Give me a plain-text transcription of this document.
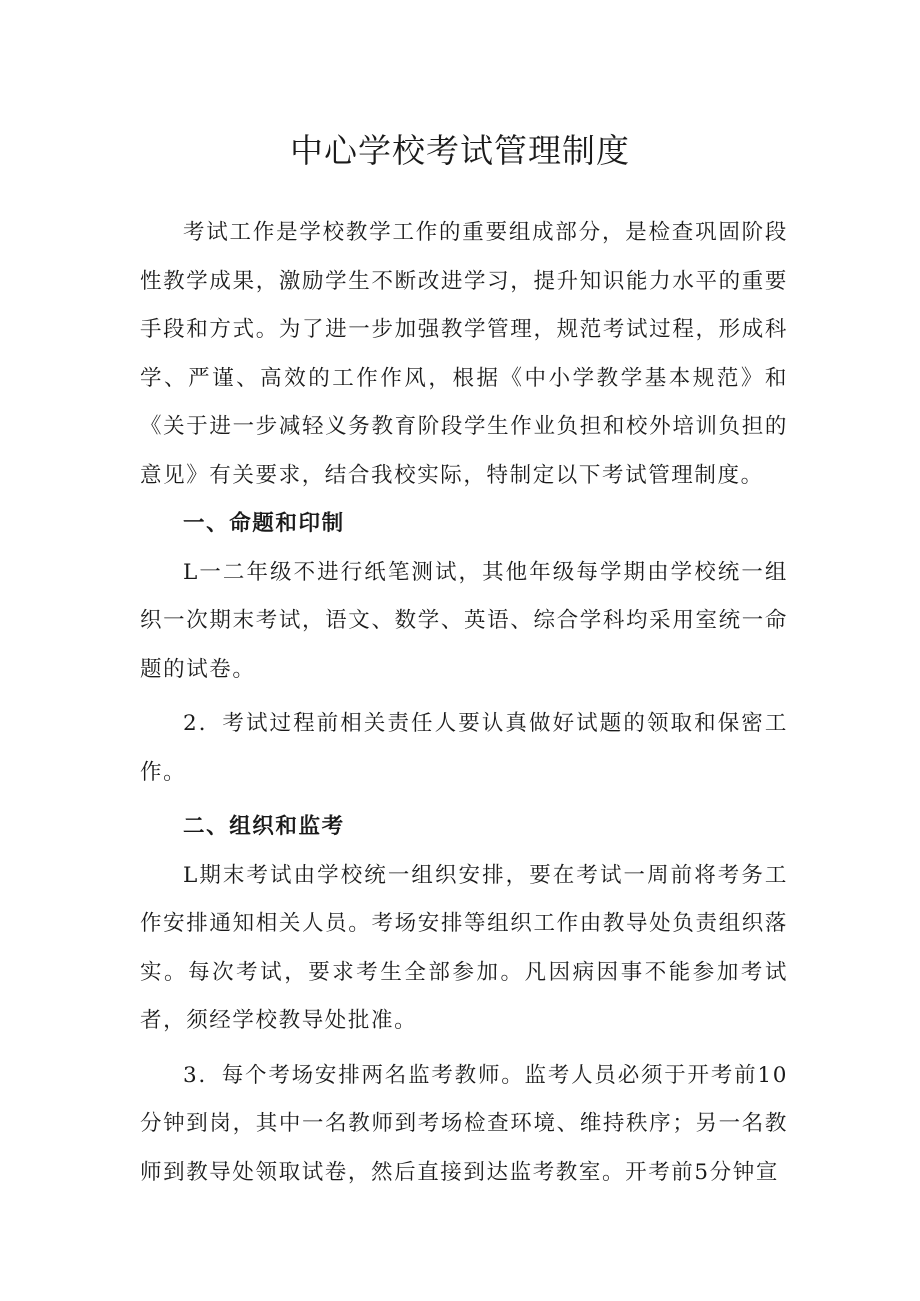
中心学校考试管理制度

考试工作是学校教学工作的重要组成部分，是检查巩固阶段性教学成果，激励学生不断改进学习，提升知识能力水平的重要手段和方式。为了进一步加强教学管理，规范考试过程，形成科学、严谨、高效的工作作风，根据《中小学教学基本规范》和《关于进一步减轻义务教育阶段学生作业负担和校外培训负担的意见》有关要求，结合我校实际，特制定以下考试管理制度。

一、命题和印制

L一二年级不进行纸笔测试，其他年级每学期由学校统一组织一次期末考试，语文、数学、英语、综合学科均采用室统一命题的试卷。

2．考试过程前相关责任人要认真做好试题的领取和保密工作。

二、组织和监考

L期末考试由学校统一组织安排，要在考试一周前将考务工作安排通知相关人员。考场安排等组织工作由教导处负责组织落实。每次考试，要求考生全部参加。凡因病因事不能参加考试者，须经学校教导处批准。

3．每个考场安排两名监考教师。监考人员必须于开考前10分钟到岗，其中一名教师到考场检查环境、维持秩序；另一名教师到教导处领取试卷，然后直接到达监考教室。开考前5分钟宣
